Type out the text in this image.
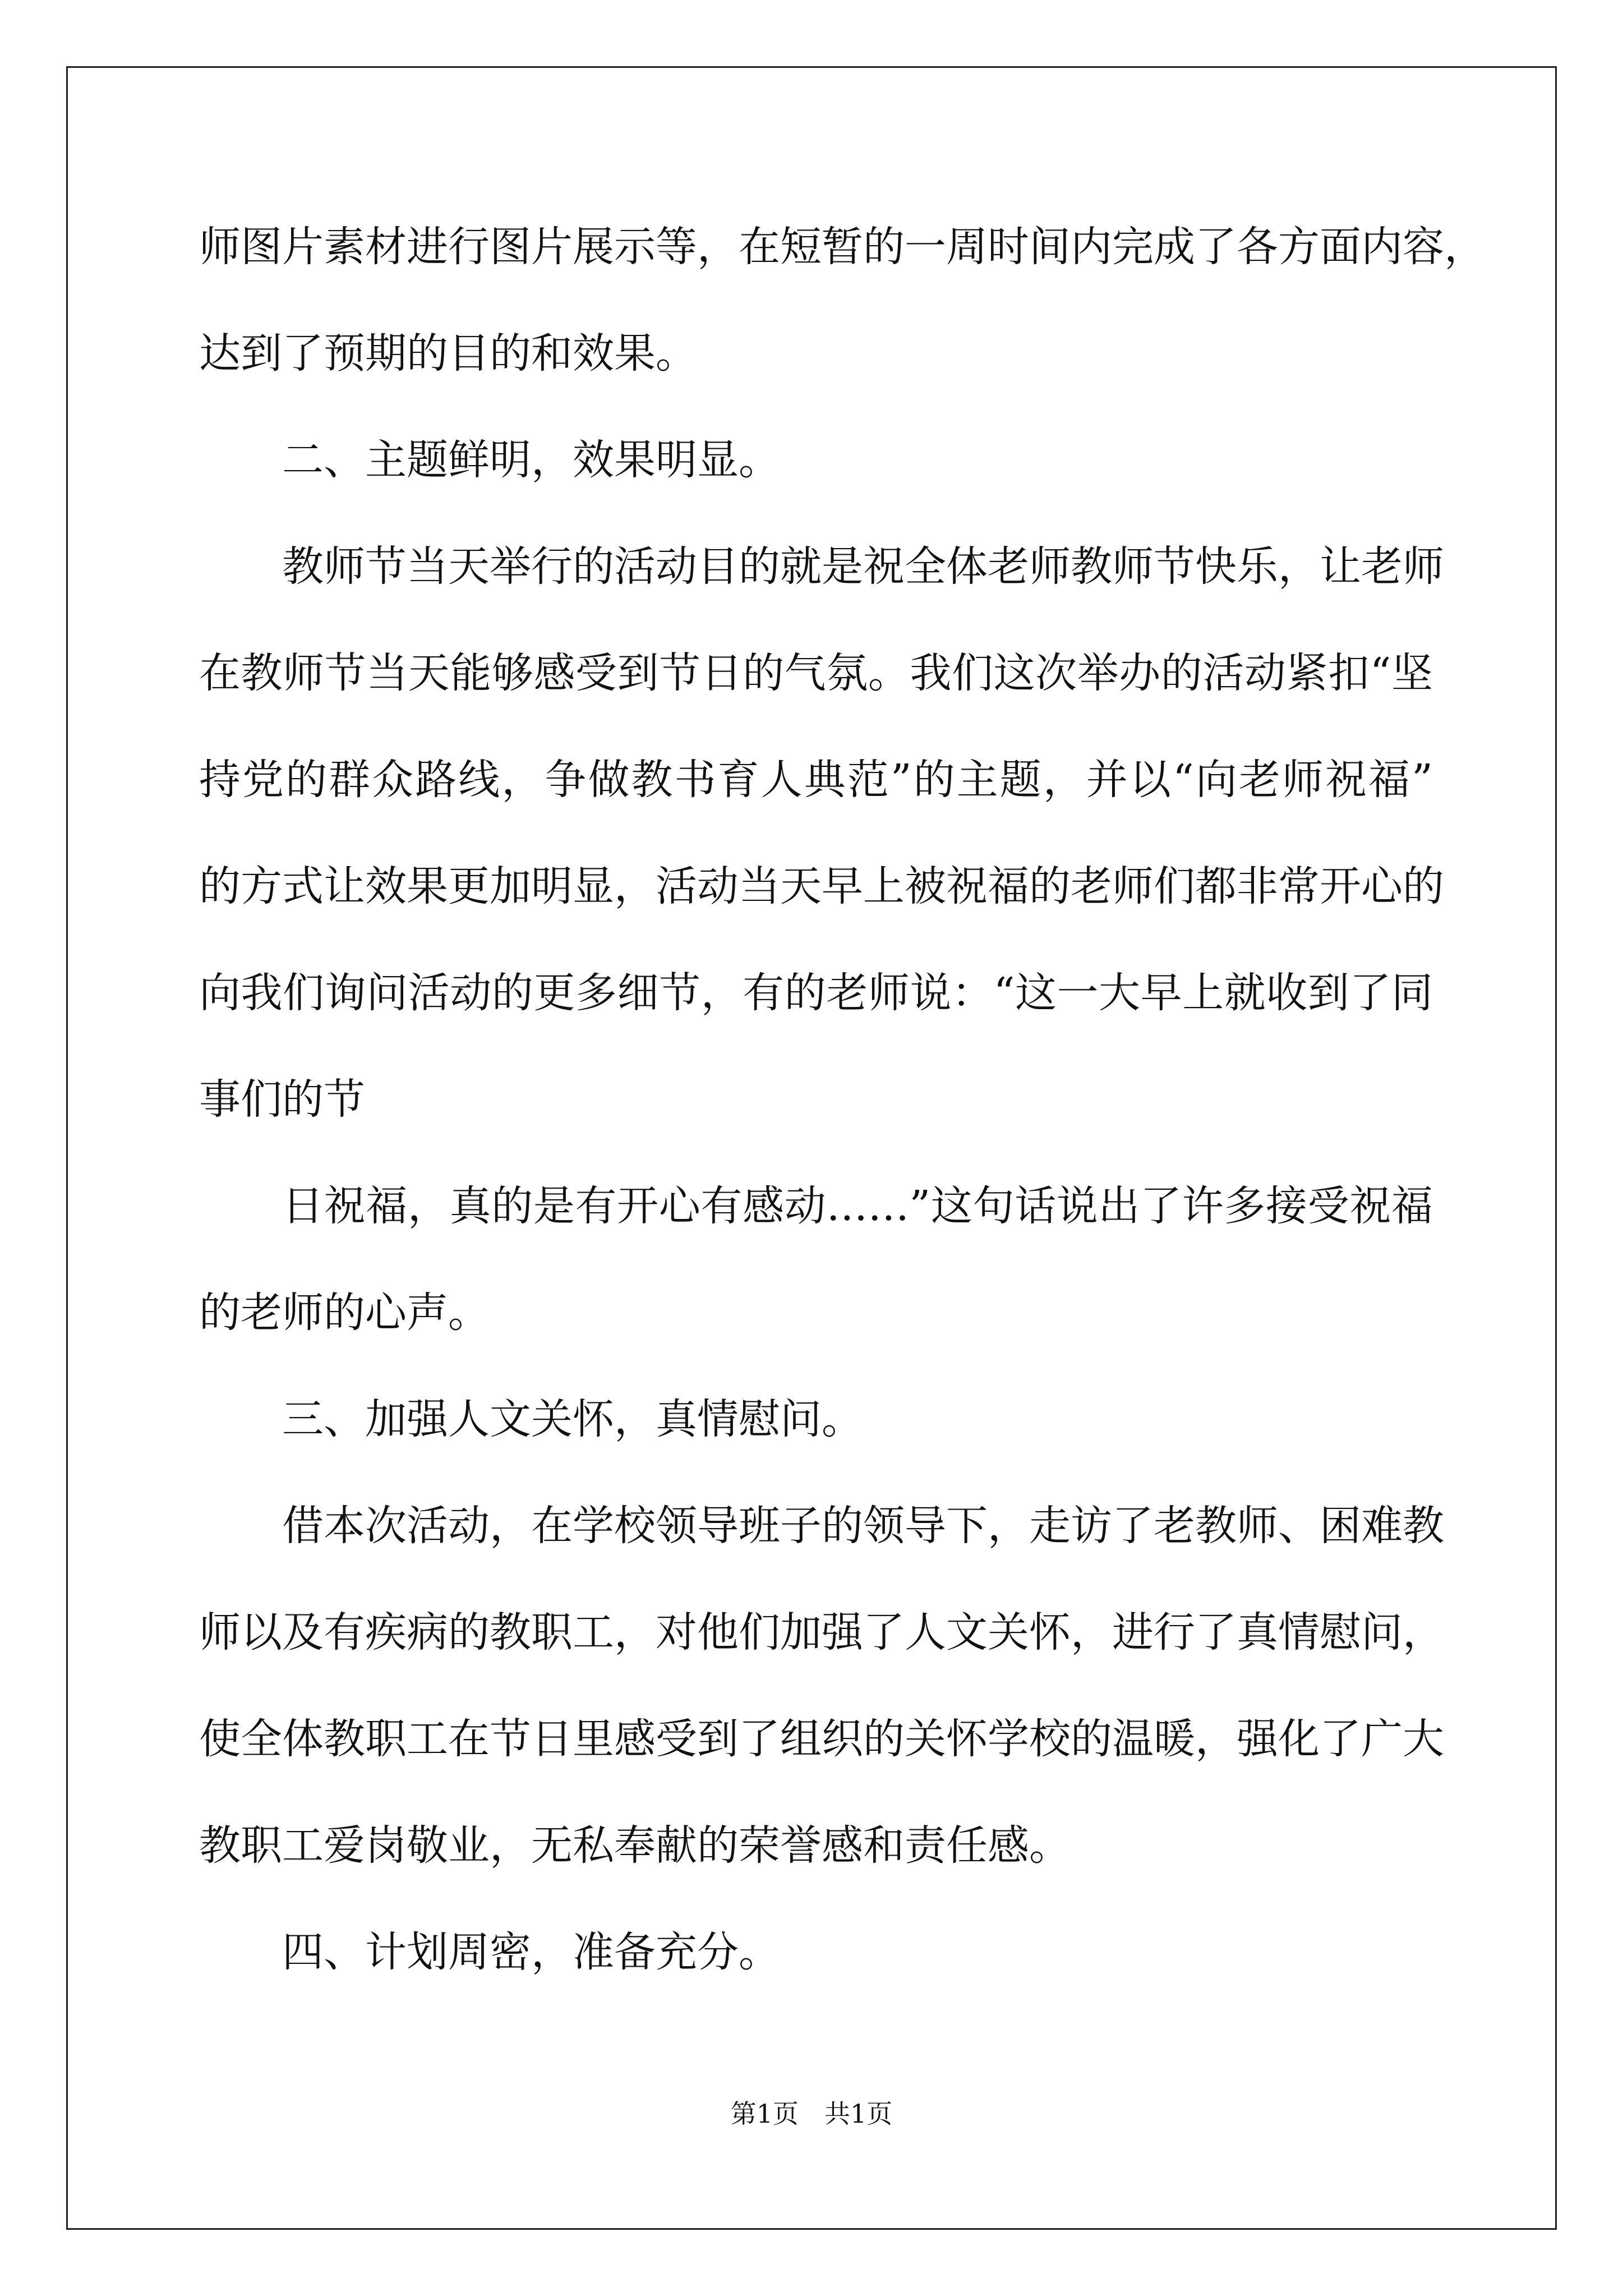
师图片素材进行图片展示等，在短暂的一周时间内完成了各方面内容，
达到了预期的目的和效果。
二、主题鲜明，效果明显。
教师节当天举行的活动目的就是祝全体老师教师节快乐，让老师
在教师节当天能够感受到节日的气氛。我们这次举办的活动紧扣“坚
持党的群众路线，争做教书育人典范”的主题，并以“向老师祝福”
的方式让效果更加明显，活动当天早上被祝福的老师们都非常开心的
向我们询问活动的更多细节，有的老师说：“这一大早上就收到了同
事们的节
日祝福，真的是有开心有感动……”这句话说出了许多接受祝福
的老师的心声。
三、加强人文关怀，真情慰问。
借本次活动，在学校领导班子的领导下，走访了老教师、困难教
师以及有疾病的教职工，对他们加强了人文关怀，进行了真情慰问，
使全体教职工在节日里感受到了组织的关怀学校的温暖，强化了广大
教职工爱岗敬业，无私奉献的荣誉感和责任感。
四、计划周密，准备充分。
第1页　共1页
